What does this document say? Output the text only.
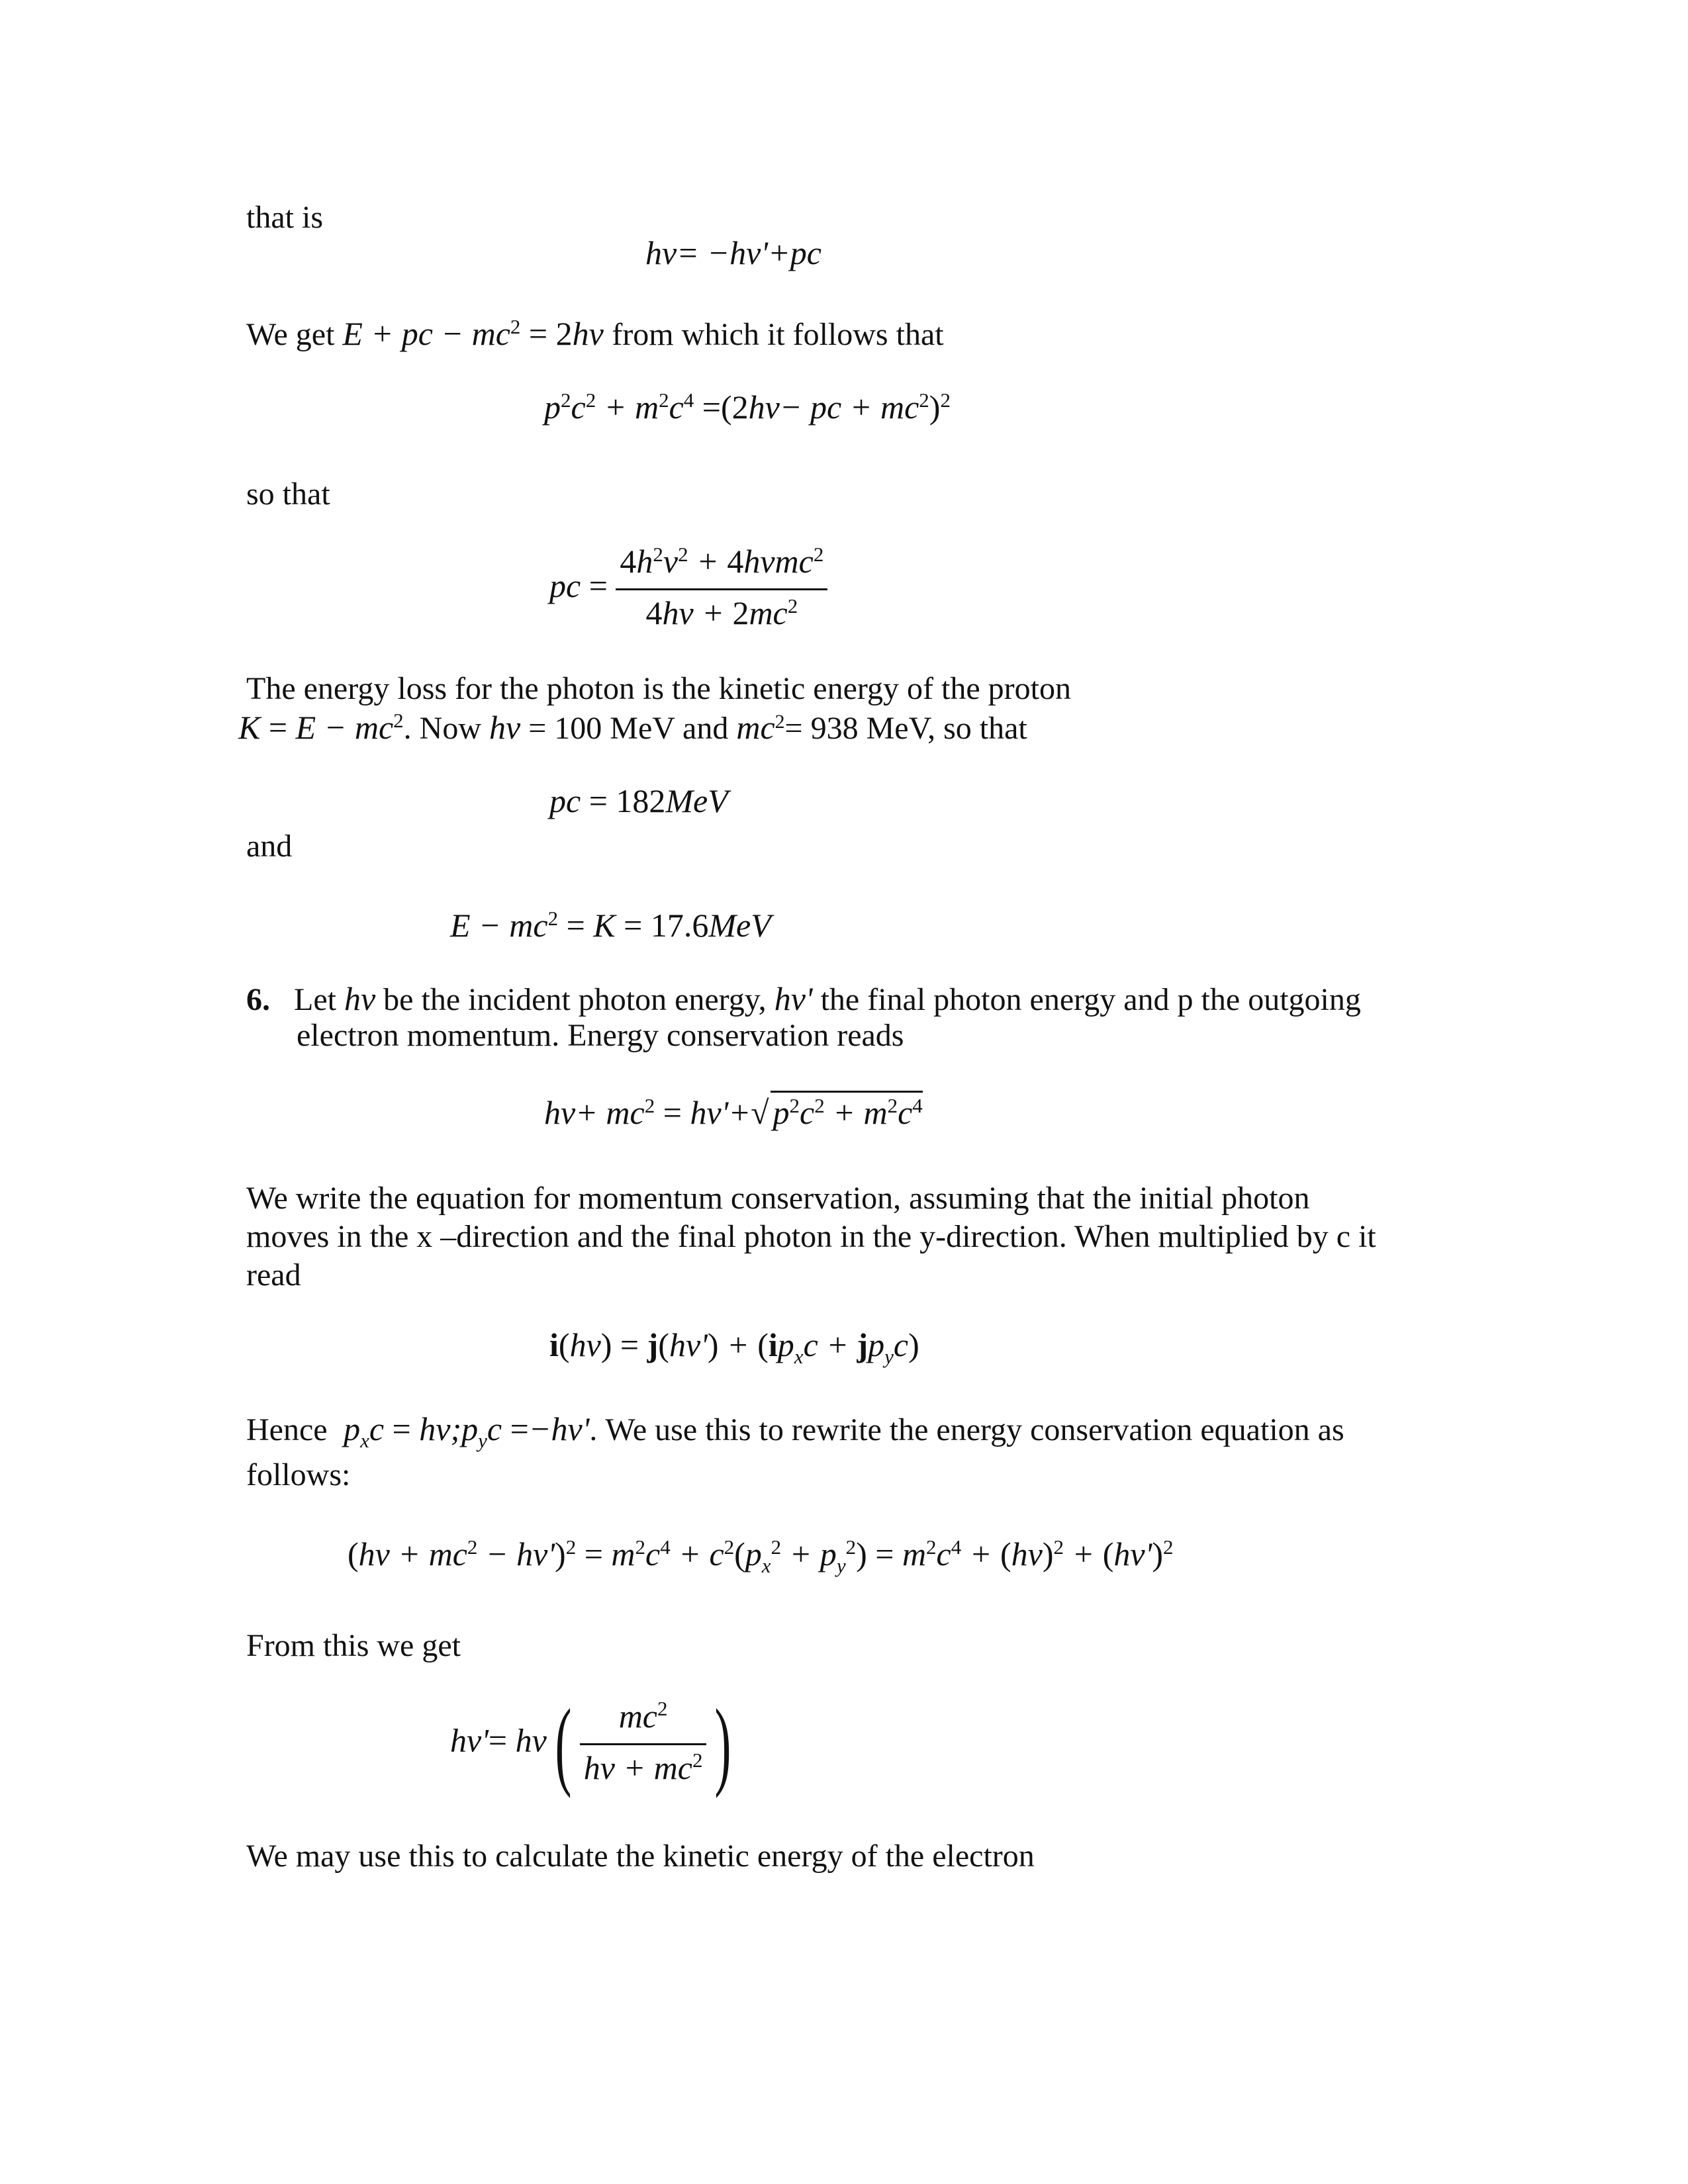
that is
hν= −hν'+pc
We get E + pc − $mc^2 = 2h\nu$ from which it follows that
$p^2c^2 + m^2c^4 =(2h\nu-$ pc + $mc^2)^2$
so that
pc = $\frac{4h^2\nu^2 + 4h\nu mc^2}{4h\nu + 2mc^2}$
The energy loss for the photon is the kinetic energy of the proton
$K = E - mc^2$. Now hν = 100 MeV and $mc^2= 938$ MeV, so that
pc = 182MeV
and
$E - mc^2 = K = 17.6MeV$
6. Let hν be the incident photon energy, hν' the final photon energy and p the outgoing
electron momentum. Energy conservation reads
$h\nu+ mc^2 = h\nu'+√$ $p^2c^2 + m^2c^4$
We write the equation for momentum conservation, assuming that the initial photon
moves in the x –direction and the final photon in the y-direction. When multiplied by c it
read
$i(h\nu) = j(h\nu') + (ip_xc + jp_yc)$
Hence  $p_xc$ = $h\nu;p_yc =-h\nu'$. We use this to rewrite the energy conservation equation as
follows:
$(h\nu + mc^2 - h\nu')^2 = m^2c^4 + c^2(p_x^2 + p_y^2) = m^2c^4 + (h\nu)^2 + (h\nu')^2$
From this we get
$h\nu'= h\nu( \frac{mc^2}{h\nu + mc^2}$ )
We may use this to calculate the kinetic energy of the electron
